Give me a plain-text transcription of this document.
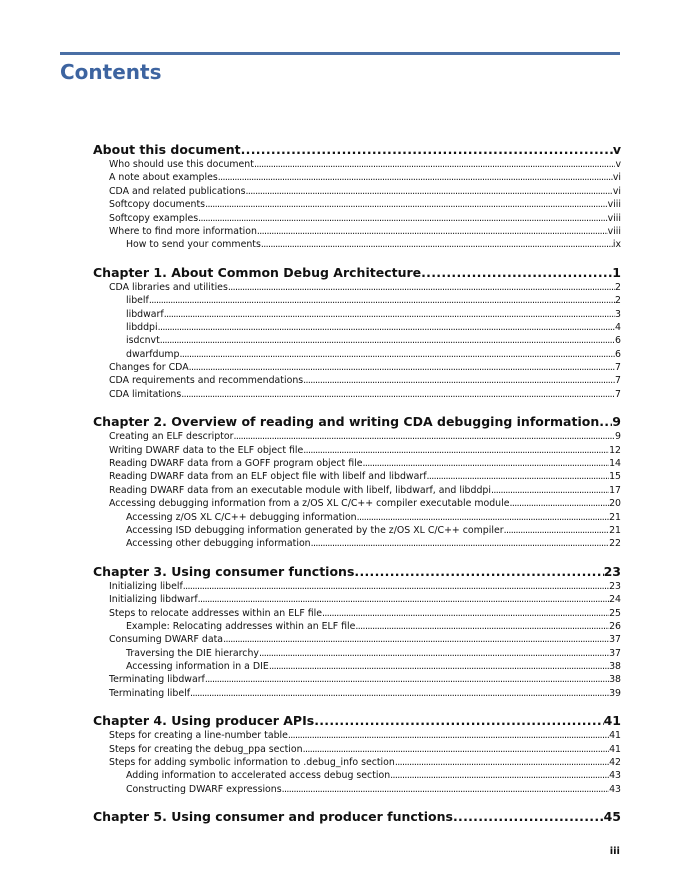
Contents
About this document .....	v
Who should use this document .....	v
A note about examples .....	vi
CDA and related publications .....	vi
Softcopy documents .....	viii
Softcopy examples .....	viii
Where to find more information .....	viii
How to send your comments .....	ix
Chapter 1. About Common Debug Architecture .....	1
CDA libraries and utilities .....	2
libelf .....	2
libdwarf .....	3
libddpi .....	4
isdcnvt .....	6
dwarfdump .....	6
Changes for CDA .....	7
CDA requirements and recommendations .....	7
CDA limitations .....	7
Chapter 2. Overview of reading and writing CDA debugging information ..... 9
Creating an ELF descriptor .....	9
Writing DWARF data to the ELF object file .....	12
Reading DWARF data from a GOFF program object file .....	14
Reading DWARF data from an ELF object file with libelf and libdwarf .....	15
Reading DWARF data from an executable module with libelf, libdwarf, and libddpi .....	17
Accessing debugging information from a z/OS XL C/C++ compiler executable module .....	20
Accessing z/OS XL C/C++ debugging information .....	21
Accessing ISD debugging information generated by the z/OS XL C/C++ compiler .....	21
Accessing other debugging information .....	22
Chapter 3. Using consumer functions .....	23
Initializing libelf .....	23
Initializing libdwarf .....	24
Steps to relocate addresses within an ELF file .....	25
Example: Relocating addresses within an ELF file .....	26
Consuming DWARF data .....	37
Traversing the DIE hierarchy .....	37
Accessing information in a DIE .....	38
Terminating libdwarf .....	38
Terminating libelf .....	39
Chapter 4. Using producer APIs .....	41
Steps for creating a line-number table .....	41
Steps for creating the debug_ppa section .....	41
Steps for adding symbolic information to .debug_info section .....	42
Adding information to accelerated access debug section .....	43
Constructing DWARF expressions .....	43
Chapter 5. Using consumer and producer functions .....	45
iii
